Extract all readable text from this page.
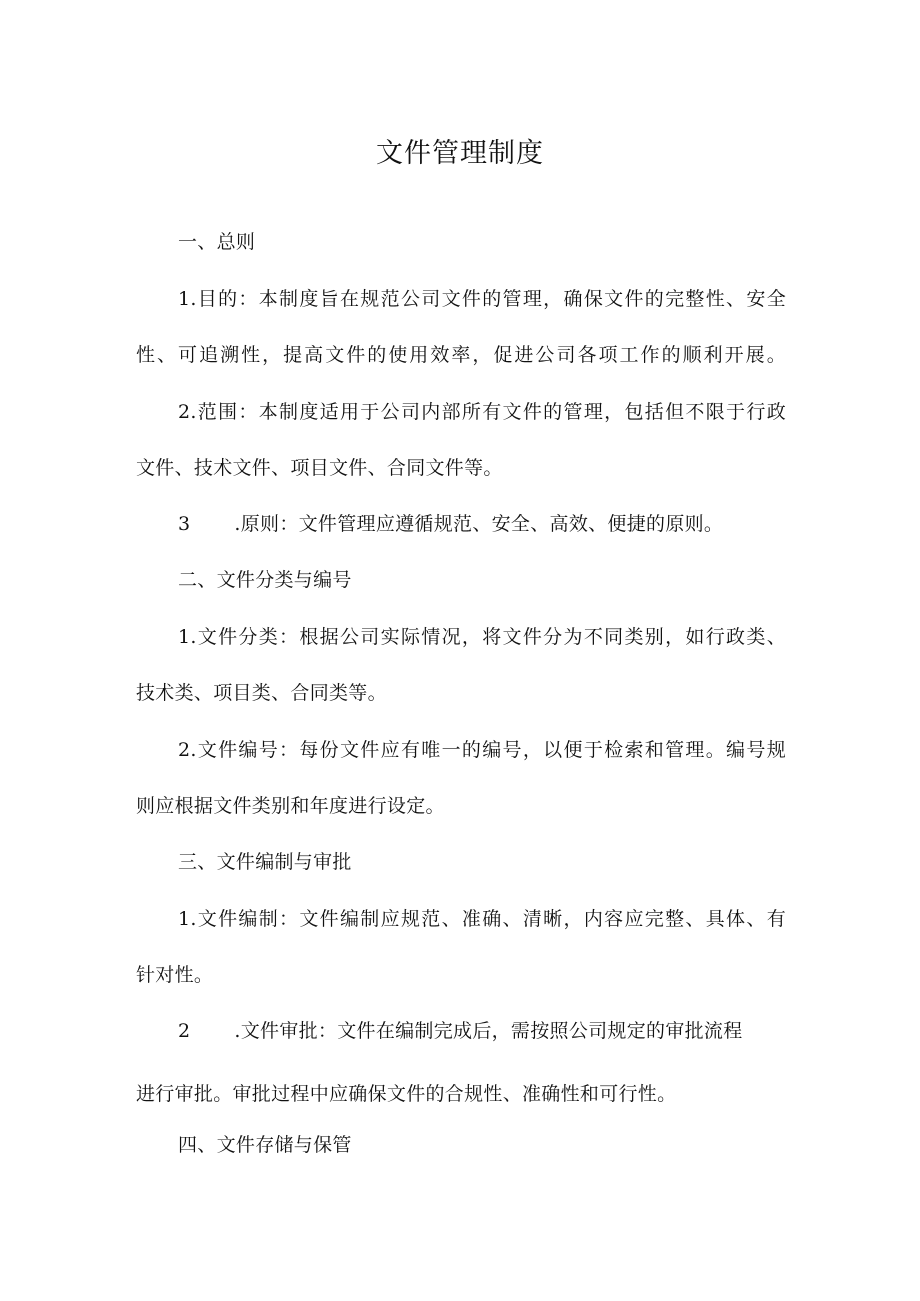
文件管理制度
一、总则
1.目的：本制度旨在规范公司文件的管理，确保文件的完整性、安全
性、可追溯性，提高文件的使用效率，促进公司各项工作的顺利开展。
2.范围：本制度适用于公司内部所有文件的管理，包括但不限于行政
文件、技术文件、项目文件、合同文件等。
3 .原则：文件管理应遵循规范、安全、高效、便捷的原则。
二、文件分类与编号
1.文件分类：根据公司实际情况，将文件分为不同类别，如行政类、
技术类、项目类、合同类等。
2.文件编号：每份文件应有唯一的编号，以便于检索和管理。编号规
则应根据文件类别和年度进行设定。
三、文件编制与审批
1.文件编制：文件编制应规范、准确、清晰，内容应完整、具体、有
针对性。
2 .文件审批：文件在编制完成后，需按照公司规定的审批流程
进行审批。审批过程中应确保文件的合规性、准确性和可行性。
四、文件存储与保管
